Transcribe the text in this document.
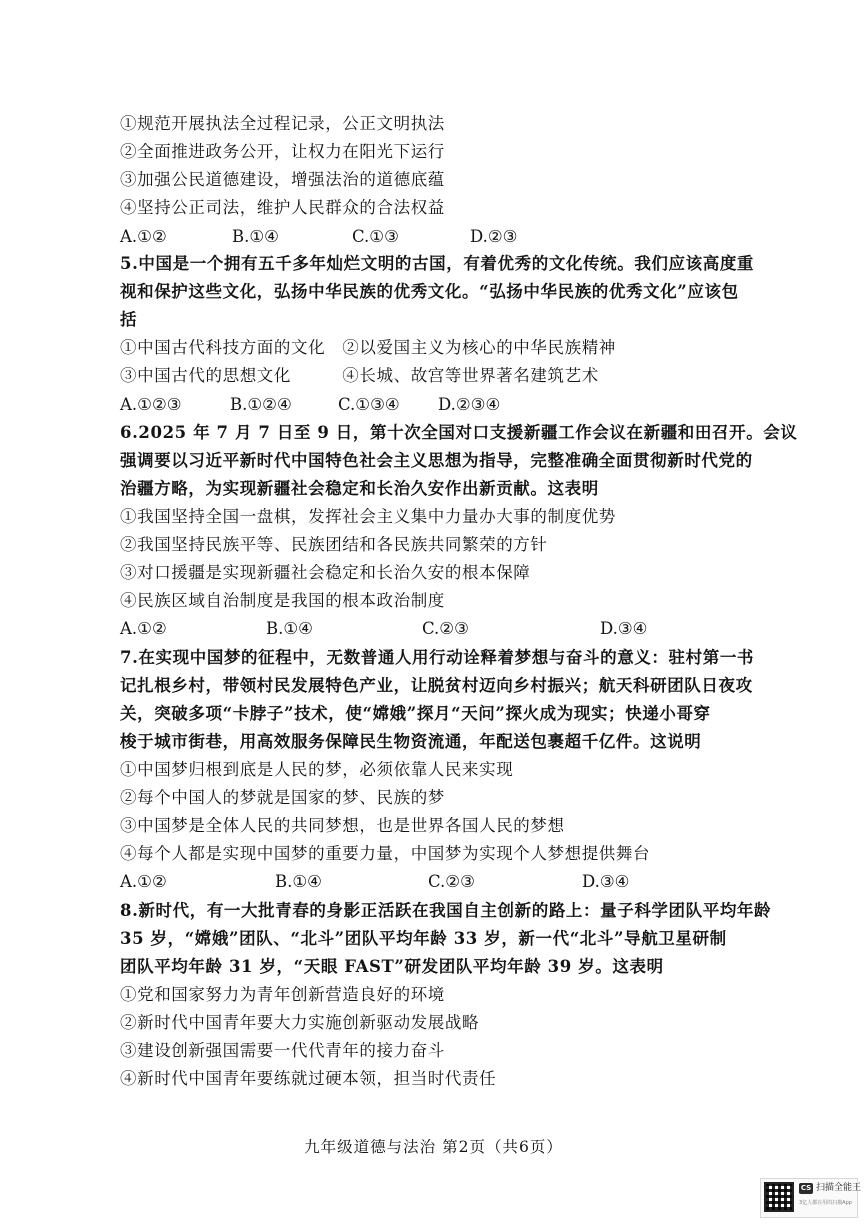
①规范开展执法全过程记录，公正文明执法
②全面推进政务公开，让权力在阳光下运行
③加强公民道德建设，增强法治的道德底蕴
④坚持公正司法，维护人民群众的合法权益
A.①②	B.①④	C.①③	D.②③
5.中国是一个拥有五千多年灿烂文明的古国，有着优秀的文化传统。我们应该高度重
视和保护这些文化，弘扬中华民族的优秀文化。“弘扬中华民族的优秀文化”应该包
括
①中国古代科技方面的文化　②以爱国主义为核心的中华民族精神
③中国古代的思想文化　　　④长城、故宫等世界著名建筑艺术
A.①②③	B.①②④	C.①③④ D.②③④
6.2025 年 7 月 7 日至 9 日，第十次全国对口支援新疆工作会议在新疆和田召开。会议
强调要以习近平新时代中国特色社会主义思想为指导，完整准确全面贯彻新时代党的
治疆方略，为实现新疆社会稳定和长治久安作出新贡献。这表明
①我国坚持全国一盘棋，发挥社会主义集中力量办大事的制度优势
②我国坚持民族平等、民族团结和各民族共同繁荣的方针
③对口援疆是实现新疆社会稳定和长治久安的根本保障
④民族区域自治制度是我国的根本政治制度
A.①②	B.①④	C.②③	D.③④
7.在实现中国梦的征程中，无数普通人用行动诠释着梦想与奋斗的意义：驻村第一书
记扎根乡村，带领村民发展特色产业，让脱贫村迈向乡村振兴；航天科研团队日夜攻
关，突破多项“卡脖子”技术，使“嫦娥”探月“天问”探火成为现实；快递小哥穿
梭于城市街巷，用高效服务保障民生物资流通，年配送包裹超千亿件。这说明
①中国梦归根到底是人民的梦，必须依靠人民来实现
②每个中国人的梦就是国家的梦、民族的梦
③中国梦是全体人民的共同梦想，也是世界各国人民的梦想
④每个人都是实现中国梦的重要力量，中国梦为实现个人梦想提供舞台
A.①②	B.①④	C.②③	D.③④
8.新时代，有一大批青春的身影正活跃在我国自主创新的路上：量子科学团队平均年龄
35 岁，“嫦娥”团队、“北斗”团队平均年龄 33 岁，新一代“北斗”导航卫星研制
团队平均年龄 31 岁，“天眼 FAST”研发团队平均年龄 39 岁。这表明
①党和国家努力为青年创新营造良好的环境
②新时代中国青年要大力实施创新驱动发展战略
③建设创新强国需要一代代青年的接力奋斗
④新时代中国青年要练就过硬本领，担当时代责任
九年级道德与法治 第2页（共6页）
CS 扫描全能王
3亿人都在用的扫描App
